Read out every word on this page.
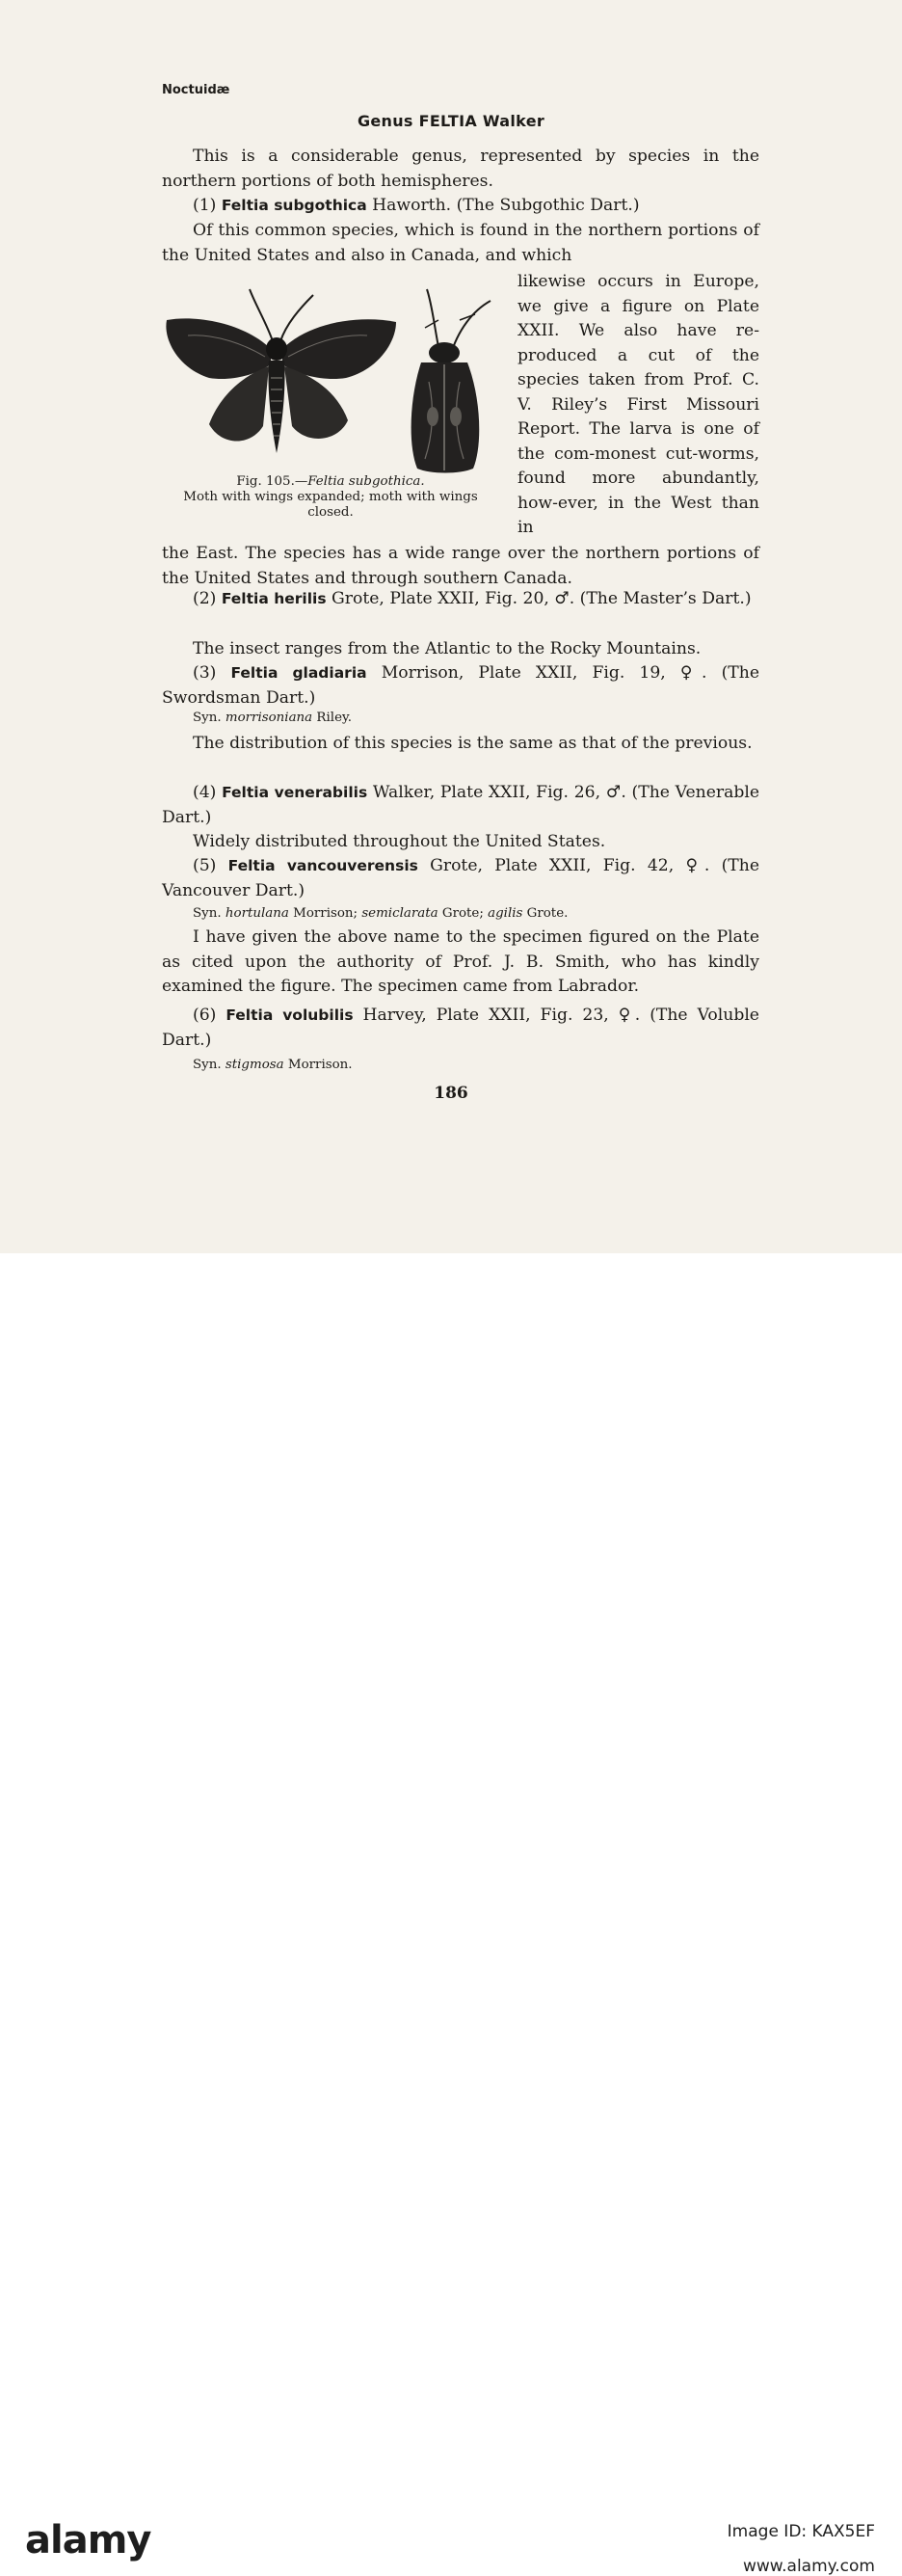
Noctuidæ
Genus FELTIA Walker

This is a considerable genus, represented by species in the northern portions of both hemispheres.

(1) Feltia subgothica Haworth. (The Subgothic Dart.)

Of this common species, which is found in the northern portions of the United States and also in Canada, and which

likewise occurs in Europe, we give a figure on Plate XXII. We also have re-produced a cut of the species taken from Prof. C. V. Riley’s First Missouri Report. The larva is one of the com-monest cut-worms, found more abundantly, how-ever, in the West than in

Fig. 105.—Feltia subgothica.
Moth with wings expanded; moth with wings closed.

the East. The species has a wide range over the northern portions of the United States and through southern Canada.

(2) Feltia herilis Grote, Plate XXII, Fig. 20, ♂. (The Master’s Dart.)

The insect ranges from the Atlantic to the Rocky Mountains.

(3) Feltia gladiaria Morrison, Plate XXII, Fig. 19, ♀. (The Swordsman Dart.)

Syn. morrisoniana Riley.

The distribution of this species is the same as that of the previous.

(4) Feltia venerabilis Walker, Plate XXII, Fig. 26, ♂. (The Venerable Dart.)

Widely distributed throughout the United States.

(5) Feltia vancouverensis Grote, Plate XXII, Fig. 42, ♀. (The Vancouver Dart.)

Syn. hortulana Morrison; semiclarata Grote; agilis Grote.

I have given the above name to the specimen figured on the Plate as cited upon the authority of Prof. J. B. Smith, who has kindly examined the figure. The specimen came from Labrador.

(6) Feltia volubilis Harvey, Plate XXII, Fig. 23, ♀. (The Voluble Dart.)

Syn. stigmosa Morrison.

186
alamy	Image ID: KAX5EF
www.alamy.com
